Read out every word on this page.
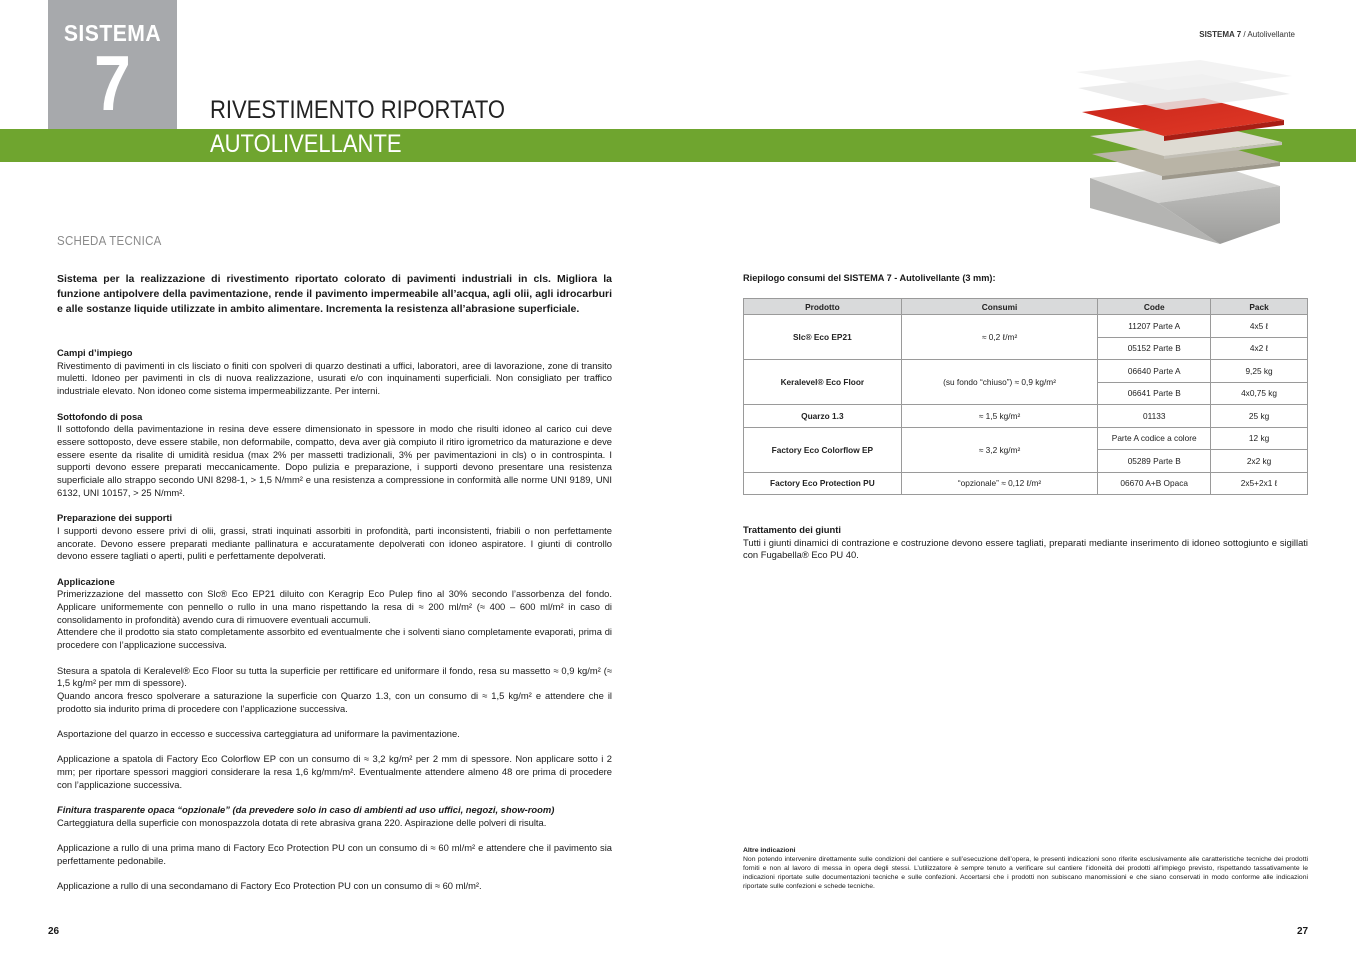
SISTEMA
7	RIVESTIMENTO RIPORTATO
AUTOLIVELLANTE
SISTEMA 7 / Autolivellante
SCHEDA TECNICA

Sistema per la realizzazione di rivestimento riportato colorato di pavimenti industriali in cls. Migliora la funzione antipolvere della pavimentazione, rende il pavimento impermeabile all’acqua, agli olii, agli idrocarburi e alle sostanze liquide utilizzate in ambito alimentare. Incrementa la resistenza all’abrasione superficiale.

Campi d’impiego

Rivestimento di pavimenti in cls lisciato o finiti con spolveri di quarzo destinati a uffici, laboratori, aree di lavorazione, zone di transito muletti. Idoneo per pavimenti in cls di nuova realizzazione, usurati e/o con inquinamenti superficiali. Non consigliato per traffico industriale elevato. Non idoneo come sistema impermeabilizzante. Per interni.

Sottofondo di posa

Il sottofondo della pavimentazione in resina deve essere dimensionato in spessore in modo che risulti idoneo al carico cui deve essere sottoposto, deve essere stabile, non deformabile, compatto, deva aver già compiuto il ritiro igrometrico da maturazione e deve essere esente da risalite di umidità residua (max 2% per massetti tradizionali, 3% per pavimentazioni in cls) o in controspinta. I supporti devono essere preparati meccanicamente. Dopo pulizia e preparazione, i supporti devono presentare una resistenza superficiale allo strappo secondo UNI 8298-1, > 1,5 N/mm² e una resistenza a compressione in conformità alle norme UNI 9189, UNI 6132, UNI 10157, > 25 N/mm².

Preparazione dei supporti

I supporti devono essere privi di olii, grassi, strati inquinati assorbiti in profondità, parti inconsistenti, friabili o non perfettamente ancorate. Devono essere preparati mediante pallinatura e accuratamente depolverati con idoneo aspiratore. I giunti di controllo devono essere tagliati o aperti, puliti e perfettamente depolverati.

Applicazione

Primerizzazione del massetto con Slc® Eco EP21 diluito con Keragrip Eco Pulep fino al 30% secondo l’assorbenza del fondo. Applicare uniformemente con pennello o rullo in una mano rispettando la resa di ≈ 200 ml/m² (≈ 400 – 600 ml/m² in caso di consolidamento in profondità) avendo cura di rimuovere eventuali accumuli.

Attendere che il prodotto sia stato completamente assorbito ed eventualmente che i solventi siano completamente evaporati, prima di procedere con l’applicazione successiva.

Stesura a spatola di Keralevel® Eco Floor su tutta la superficie per rettificare ed uniformare il fondo, resa su massetto ≈ 0,9 kg/m² (≈ 1,5 kg/m² per mm di spessore).

Quando ancora fresco spolverare a saturazione la superficie con Quarzo 1.3, con un consumo di ≈ 1,5 kg/m² e attendere che il prodotto sia indurito prima di procedere con l’applicazione successiva.

Asportazione del quarzo in eccesso e successiva carteggiatura ad uniformare la pavimentazione.

Applicazione a spatola di Factory Eco Colorflow EP con un consumo di ≈ 3,2 kg/m² per 2 mm di spessore. Non applicare sotto i 2 mm; per riportare spessori maggiori considerare la resa 1,6 kg/mm/m². Eventualmente attendere almeno 48 ore prima di procedere con l’applicazione successiva.

Finitura trasparente opaca “opzionale” (da prevedere solo in caso di ambienti ad uso uffici, negozi, show-room)

Carteggiatura della superficie con monospazzola dotata di rete abrasiva grana 220. Aspirazione delle polveri di risulta.

Applicazione a rullo di una prima mano di Factory Eco Protection PU con un consumo di ≈ 60 ml/m² e attendere che il pavimento sia perfettamente pedonabile.

Applicazione a rullo di una secondamano di Factory Eco Protection PU con un consumo di ≈ 60 ml/m².

26
Riepilogo consumi del SISTEMA 7 - Autolivellante (3 mm):
Prodotto	Consumi	Code	Pack
Slc® Eco EP21	≈ 0,2 ℓ/m²	11207 Parte A	4x5 ℓ
		05152 Parte B	4x2 ℓ
Keralevel® Eco Floor	(su fondo “chiuso”) ≈ 0,9 kg/m²	06640 Parte A	9,25 kg
		06641 Parte B	4x0,75 kg
Quarzo 1.3	≈ 1,5 kg/m²	01133	25 kg
Factory Eco Colorflow EP	≈ 3,2 kg/m²	Parte A codice a colore	12 kg
		05289 Parte B	2x2 kg
Factory Eco Protection PU	“opzionale” ≈ 0,12 ℓ/m²	06670 A+B Opaca	2x5+2x1 ℓ

Trattamento dei giunti

Tutti i giunti dinamici di contrazione e costruzione devono essere tagliati, preparati mediante inserimento di idoneo sottogiunto e sigillati con Fugabella® Eco PU 40.

Altre indicazioni

Non potendo intervenire direttamente sulle condizioni del cantiere e sull’esecuzione dell’opera, le presenti indicazioni sono riferite esclusivamente alle caratteristiche tecniche dei prodotti forniti e non al lavoro di messa in opera degli stessi. L’utilizzatore è sempre tenuto a verificare sul cantiere l’idoneità dei prodotti all’impiego previsto, rispettando tassativamente le indicazioni riportate sulle documentazioni tecniche e sulle confezioni. Accertarsi che i prodotti non subiscano manomissioni e che siano conservati in modo conforme alle indicazioni riportate sulle confezioni e schede tecniche.

27
